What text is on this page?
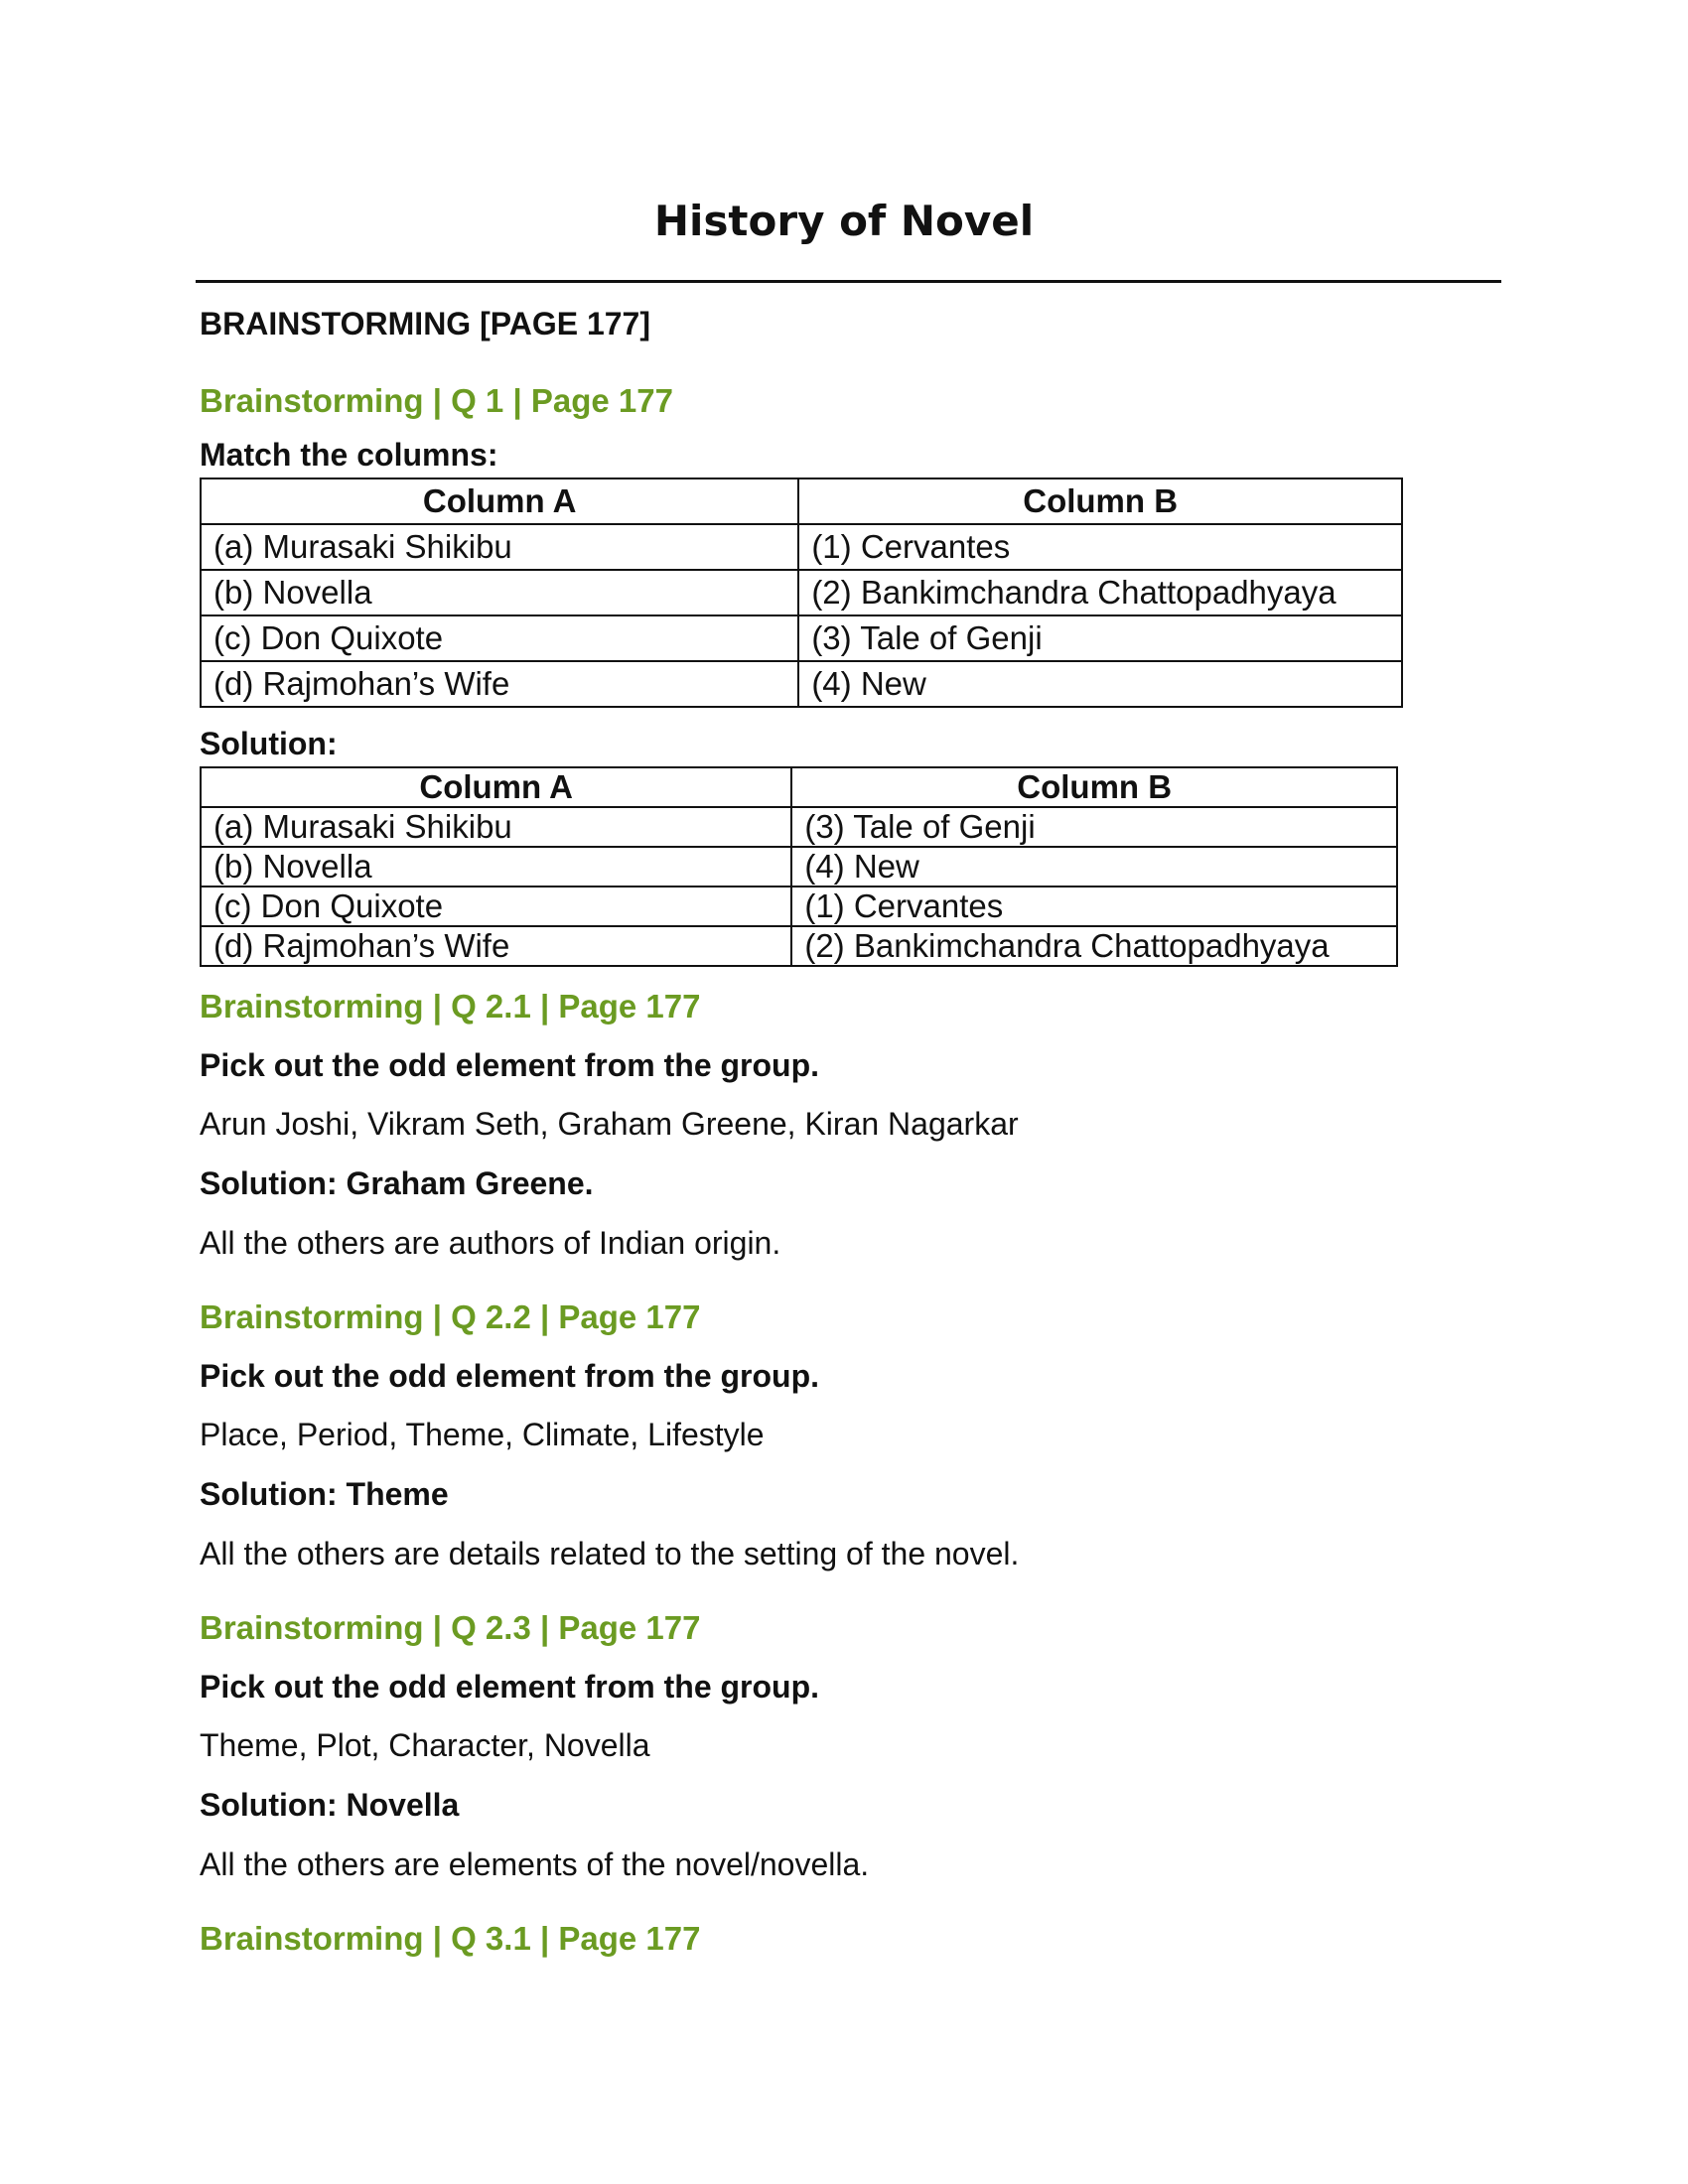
History of Novel
BRAINSTORMING [PAGE 177]
Brainstorming | Q 1 | Page 177
Match the columns:
Column A	Column B
(a) Murasaki Shikibu	(1) Cervantes
(b) Novella	(2) Bankimchandra Chattopadhyaya
(c) Don Quixote	(3) Tale of Genji
(d) Rajmohan’s Wife	(4) New
Solution:
Column A	Column B
(a) Murasaki Shikibu	(3) Tale of Genji
(b) Novella	(4) New
(c) Don Quixote	(1) Cervantes
(d) Rajmohan’s Wife	(2) Bankimchandra Chattopadhyaya
Brainstorming | Q 2.1 | Page 177
Pick out the odd element from the group.
Arun Joshi, Vikram Seth, Graham Greene, Kiran Nagarkar
Solution: Graham Greene.
All the others are authors of Indian origin.
Brainstorming | Q 2.2 | Page 177
Pick out the odd element from the group.
Place, Period, Theme, Climate, Lifestyle
Solution: Theme
All the others are details related to the setting of the novel.
Brainstorming | Q 2.3 | Page 177
Pick out the odd element from the group.
Theme, Plot, Character, Novella
Solution: Novella
All the others are elements of the novel/novella.
Brainstorming | Q 3.1 | Page 177
